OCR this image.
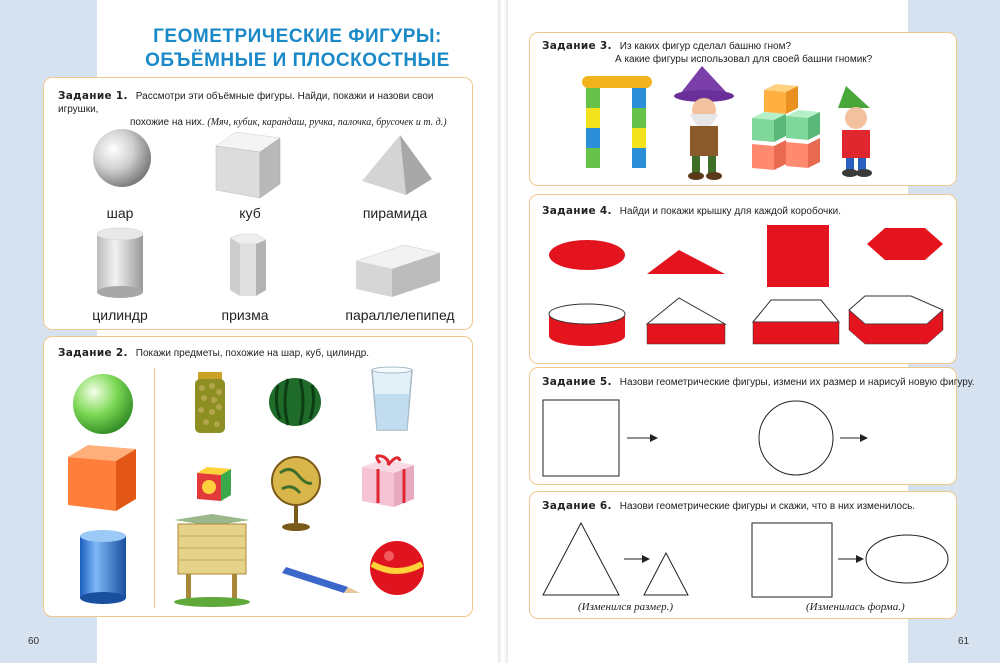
ГЕОМЕТРИЧЕСКИЕ ФИГУРЫ:
ОБЪЁМНЫЕ И ПЛОСКОСТНЫЕ
Задание 1. Рассмотри эти объёмные фигуры. Найди, покажи и назови свои игрушки,
похожие на них. (Мяч, кубик, карандаш, ручка, палочка, брусочек и т. д.)
шар	куб	пирамида
цилиндр	призма	параллелепипед
Задание 2. Покажи предметы, похожие на шар, куб, цилиндр.
60
Задание 3. Из каких фигур сделал башню гном?
А какие фигуры использовал для своей башни гномик?
Задание 4. Найди и покажи крышку для каждой коробочки.
Задание 5. Назови геометрические фигуры, измени их размер и нарисуй новую фигуру.
Задание 6. Назови геометрические фигуры и скажи, что в них изменилось.
(Изменился размер.)	(Изменилась форма.)
61
